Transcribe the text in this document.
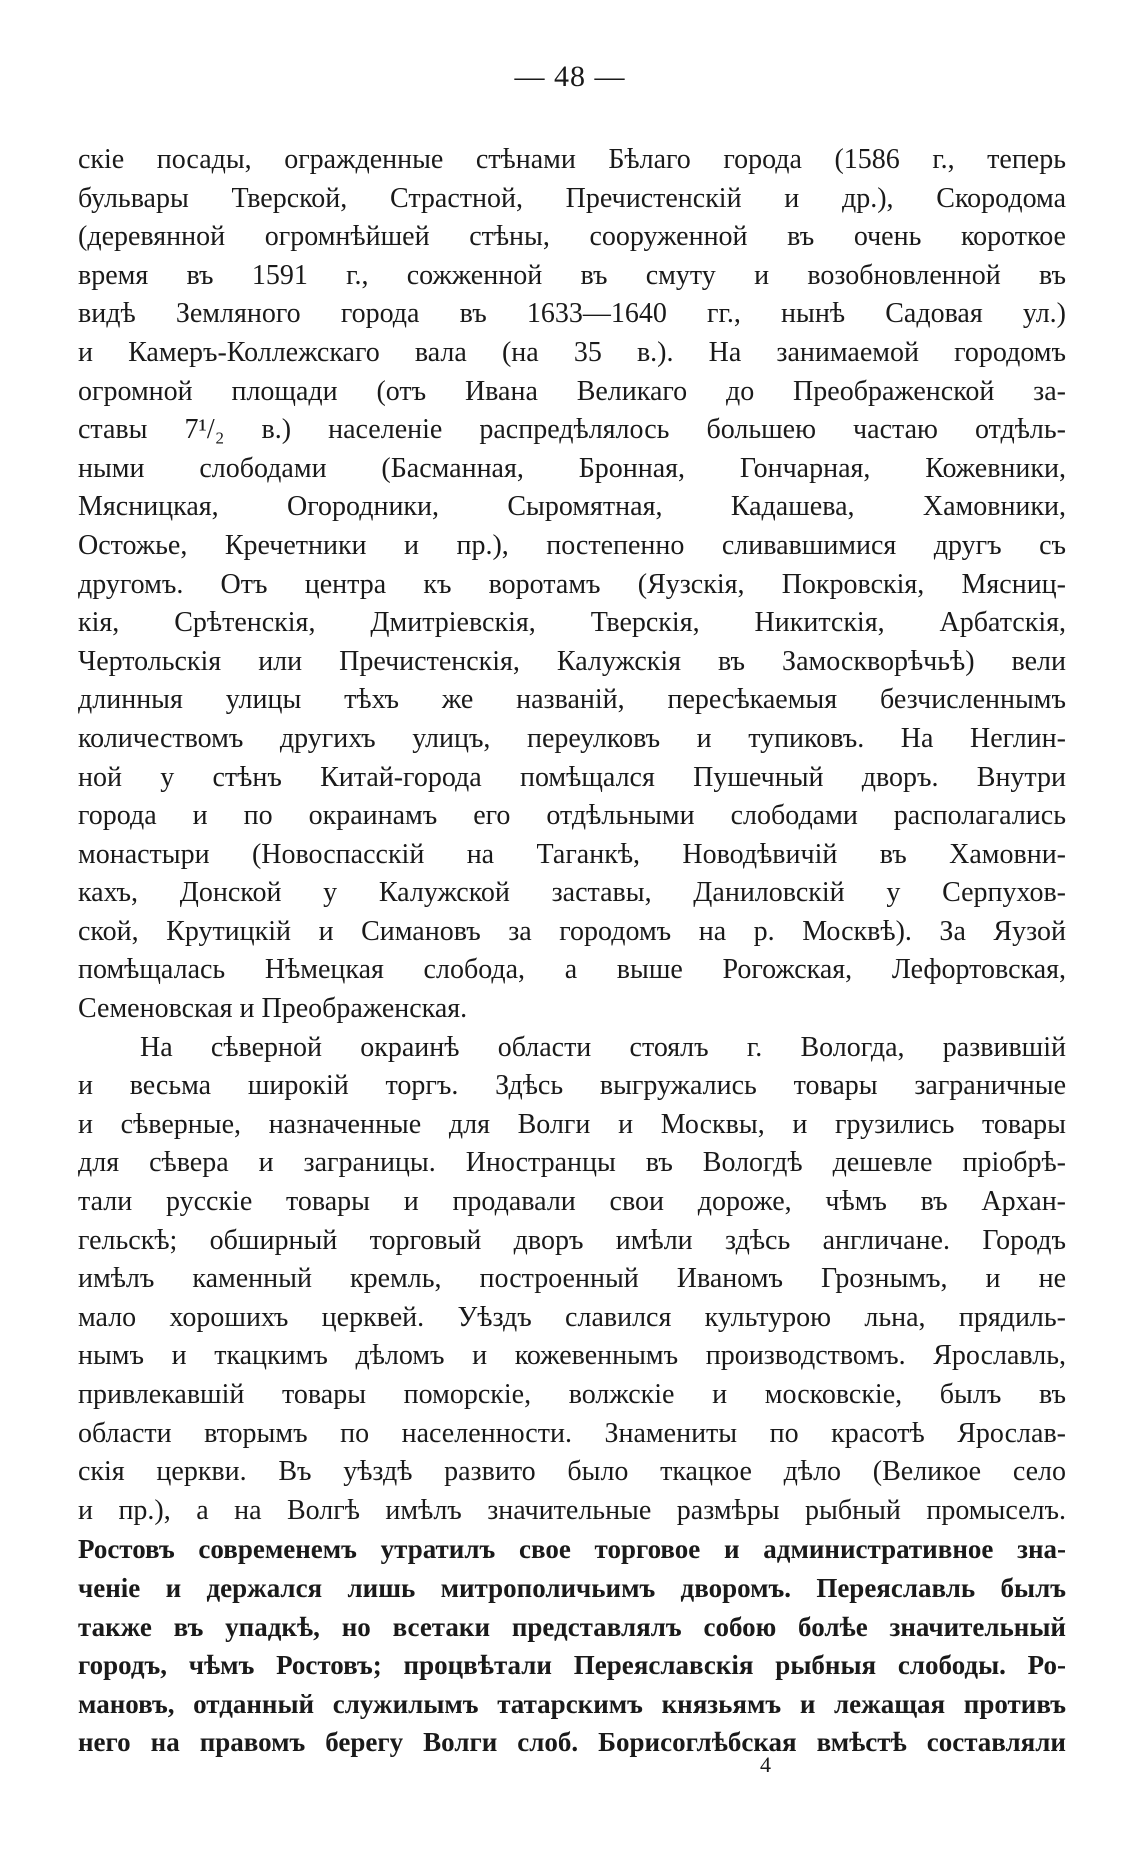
— 48 —
скіе посады, огражденные стѣнами Бѣлаго города (1586 г., теперь
бульвары Тверской, Страстной, Пречистенскій и др.), Скородома
(деревянной огромнѣйшей стѣны, сооруженной въ очень короткое
время въ 1591 г., сожженной въ смуту и возобновленной въ
видѣ Земляного города въ 1633—1640 гг., нынѣ Садовая ул.)
и Камеръ-Коллежскаго вала (на 35 в.). На занимаемой городомъ
огромной площади (отъ Ивана Великаго до Преображенской за-
ставы 7¹/₂ в.) населеніе распредѣлялось большею частаю отдѣль-
ными слободами (Басманная, Бронная, Гончарная, Кожевники,
Мясницкая, Огородники, Сыромятная, Кадашева, Хамовники,
Остожье, Кречетники и пр.), постепенно сливавшимися другъ съ
другомъ. Отъ центра къ воротамъ (Яузскія, Покровскія, Мясниц-
кія, Срѣтенскія, Дмитріевскія, Тверскія, Никитскія, Арбатскія,
Чертольскія или Пречистенскія, Калужскія въ Замоскворѣчьѣ) вели
длинныя улицы тѣхъ же названій, пересѣкаемыя безчисленнымъ
количествомъ другихъ улицъ, переулковъ и тупиковъ. На Неглин-
ной у стѣнъ Китай-города помѣщался Пушечный дворъ. Внутри
города и по окраинамъ его отдѣльными слободами располагались
монастыри (Новоспасскій на Таганкѣ, Новодѣвичій въ Хамовни-
кахъ, Донской у Калужской заставы, Даниловскій у Серпухов-
ской, Крутицкій и Симановъ за городомъ на р. Москвѣ). За Яузой
помѣщалась Нѣмецкая слобода, а выше Рогожская, Лефортовская,
Семеновская и Преображенская.
На сѣверной окраинѣ области стоялъ г. Вологда, развившій
и весьма широкій торгъ. Здѣсь выгружались товары заграничные
и сѣверные, назначенные для Волги и Москвы, и грузились товары
для сѣвера и заграницы. Иностранцы въ Вологдѣ дешевле пріобрѣ-
тали русскіе товары и продавали свои дороже, чѣмъ въ Архан-
гельскѣ; обширный торговый дворъ имѣли здѣсь англичане. Городъ
имѣлъ каменный кремль, построенный Иваномъ Грознымъ, и не
мало хорошихъ церквей. Уѣздъ славился культурою льна, прядиль-
нымъ и ткацкимъ дѣломъ и кожевеннымъ производствомъ. Ярославль,
привлекавшій товары поморскіе, волжскіе и московскіе, былъ въ
области вторымъ по населенности. Знамениты по красотѣ Ярослав-
скія церкви. Въ уѣздѣ развито было ткацкое дѣло (Великое село
и пр.), а на Волгѣ имѣлъ значительные размѣры рыбный промыселъ.
Ростовъ современемъ утратилъ свое торговое и административное зна-
ченіе и держался лишь митрополичьимъ дворомъ. Переяславль былъ
также въ упадкѣ, но всетаки представлялъ собою болѣе значительный
городъ, чѣмъ Ростовъ; процвѣтали Переяславскія рыбныя слободы. Ро-
мановъ, отданный служилымъ татарскимъ князьямъ и лежащая противъ
него на правомъ берегу Волги слоб. Борисоглѣбская вмѣстѣ составляли
4
